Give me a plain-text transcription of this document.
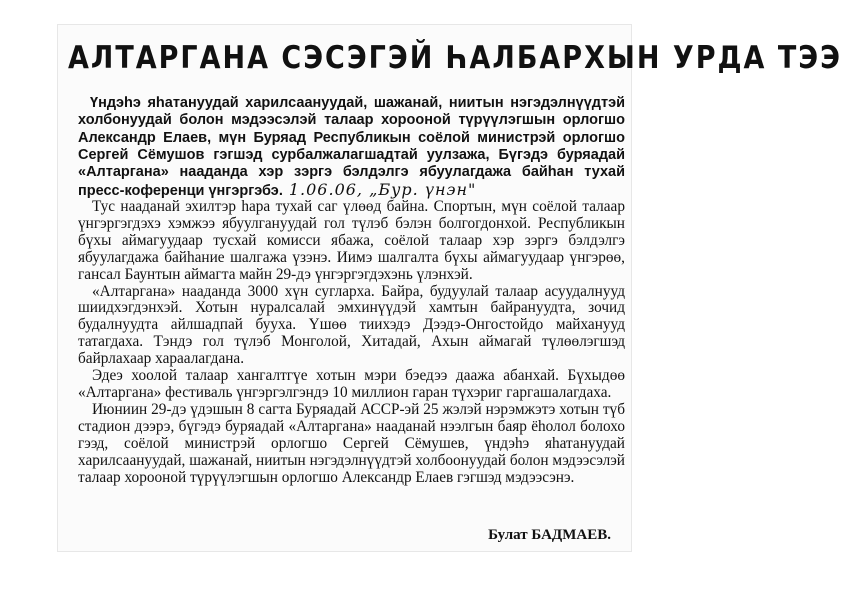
АЛТАРГАНА СЭСЭГЭЙ ҺАЛБАРХЫН УРДА ТЭЭ

Үндэһэ яһатануудай харилсаануудай, шажанай, ниитын нэгэдэлнүүдтэй холбонуудай болон мэдээсэлэй талаар хорооной түрүүлэгшын орлогшо Александр Елаев, мүн Буряад Республикын соёлой министрэй орлогшо Сергей Сёмушов гэгшэд сурбалжалагшадтай уулзажа, Бүгэдэ буряадай «Алтаргана» нааданда хэр зэргэ бэлдэлгэ ябуулагдажа байһан тухай пресс-коференци үнгэргэбэ. 1.06.06, „Бур. үнэн"

Тус нааданай эхилтэр һара тухай саг үлөөд байна. Спортын, мүн соёлой талаар үнгэргэгдэхэ хэмжээ ябуулгануудай гол түлэб бэлэн болгогдонхой. Республикын бүхы аймагуудаар тусхай комисси ябажа, соёлой талаар хэр зэргэ бэлдэлгэ ябуулагдажа байһание шалгажа үзэнэ. Иимэ шалгалта бүхы аймагуудаар үнгэрөө, гансал Баунтын аймагта майн 29-дэ үнгэргэгдэхэнь үлэнхэй.

«Алтаргана» нааданда 3000 хүн сугларха. Байра, будуулай талаар асуудалнууд шиидхэгдэнхэй. Хотын нуралсалай эмхинүүдэй хамтын байрануудта, зочид будалнуудта айлшадпай бууха. Үшөө тиихэдэ Дээдэ-Онгостойдо майханууд татагдаха. Тэндэ гол түлэб Монголой, Хитадай, Ахын аймагай түлөөлэгшэд байрлахаар хараалагдана.

Эдеэ хоолой талаар хангалтгүе хотын мэри бэедээ даажа абанхай. Бүхыдөө «Алтаргана» фестиваль үнгэргэлгэндэ 10 миллион гаран түхэриг гаргашалагдаха.

Июниин 29-дэ үдэшын 8 сагта Буряадай АССР-эй 25 жэлэй нэрэмжэтэ хотын түб стадион дээрэ, бүгэдэ буряадай «Алтаргана» нааданай нээлгын баяр ёһолол болохо гээд, соёлой министрэй орлогшо Сергей Сёмушев, үндэһэ яһатануудай харилсаануудай, шажанай, ниитын нэгэдэлнүүдтэй холбоонуудай болон мэдээсэлэй талаар хорооной түрүүлэгшын орлогшо Александр Елаев гэгшэд мэдээсэнэ.

Булат БАДМАЕВ.
